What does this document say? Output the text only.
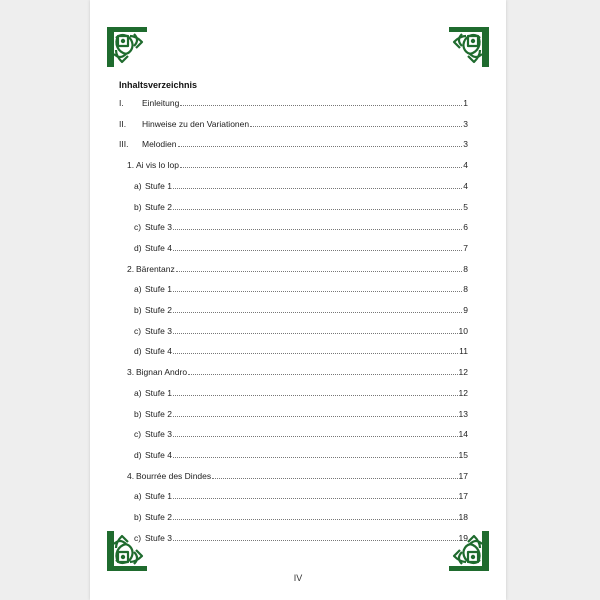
Inhaltsverzeichnis
I.	Einleitung	1
II.	Hinweise zu den Variationen	3
III.	Melodien	3
1. Ai vis lo lop	4
a) Stufe 1	4
b) Stufe 2	5
c) Stufe 3	6
d) Stufe 4	7
2. Bärentanz	8
a) Stufe 1	8
b) Stufe 2	9
c) Stufe 3	10
d) Stufe 4	11
3. Bignan Andro	12
a) Stufe 1	12
b) Stufe 2	13
c) Stufe 3	14
d) Stufe 4	15
4. Bourrée des Dindes	17
a) Stufe 1	17
b) Stufe 2	18
c) Stufe 3	19
IV
